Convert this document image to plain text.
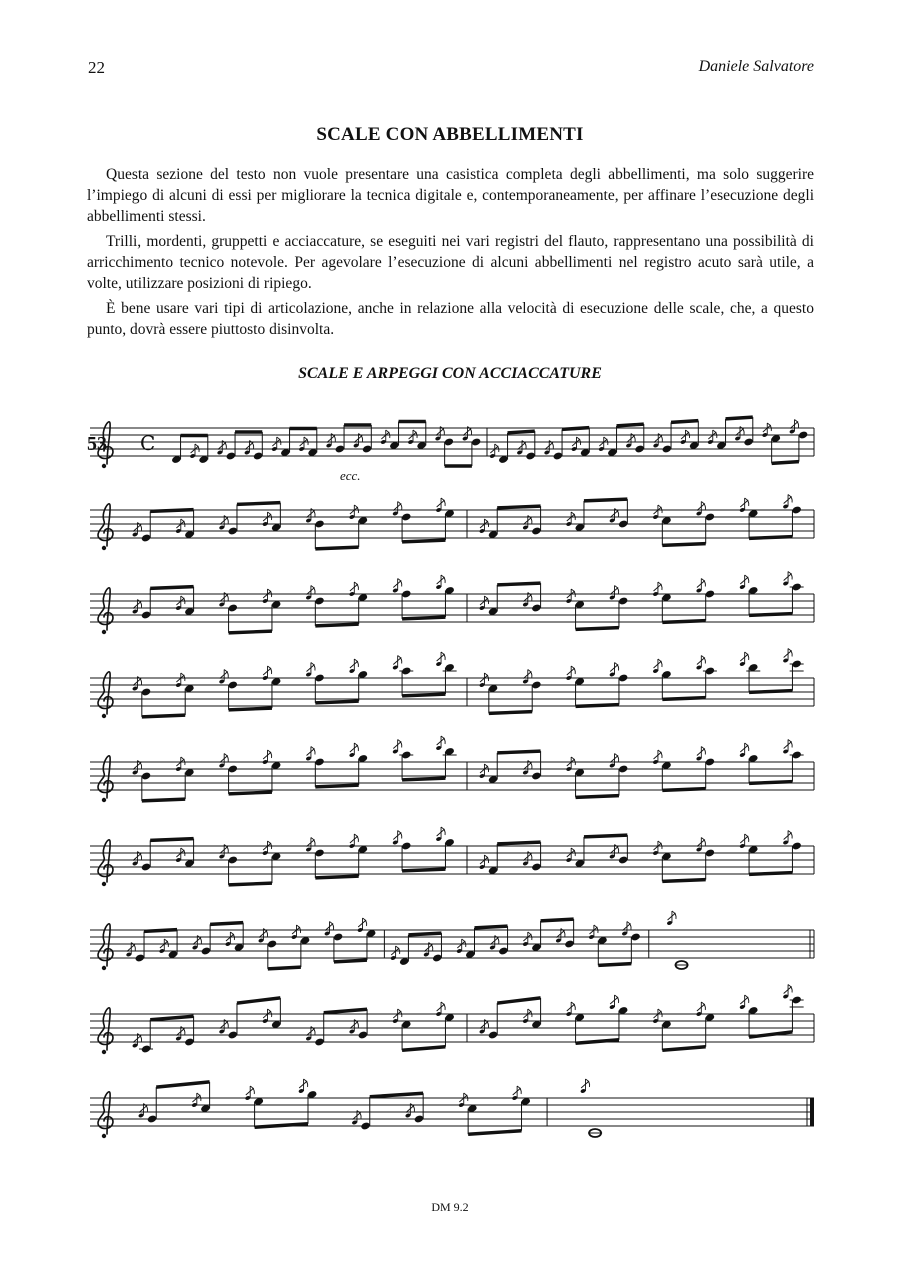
22	Daniele Salvatore
SCALE CON ABBELLIMENTI

Questa sezione del testo non vuole presentare una casistica completa degli abbellimenti, ma solo suggerire l’impiego di alcuni di essi per migliorare la tecnica digitale e, contemporaneamente, per affinare l’esecuzione degli abbellimenti stessi.

Trilli, mordenti, gruppetti e acciaccature, se eseguiti nei vari registri del flauto, rappresentano una possibilità di arricchimento tecnico notevole. Per agevolare l’esecuzione di alcuni abbellimenti nel registro acuto sarà utile, a volte, utilizzare posizioni di ripiego.

È bene usare vari tipi di articolazione, anche in relazione alla velocità di esecuzione delle scale, che, a questo punto, dovrà essere piuttosto disinvolta.

SCALE E ARPEGGI CON ACCIACCATURE
53 C
ecc.
DM 9.2
